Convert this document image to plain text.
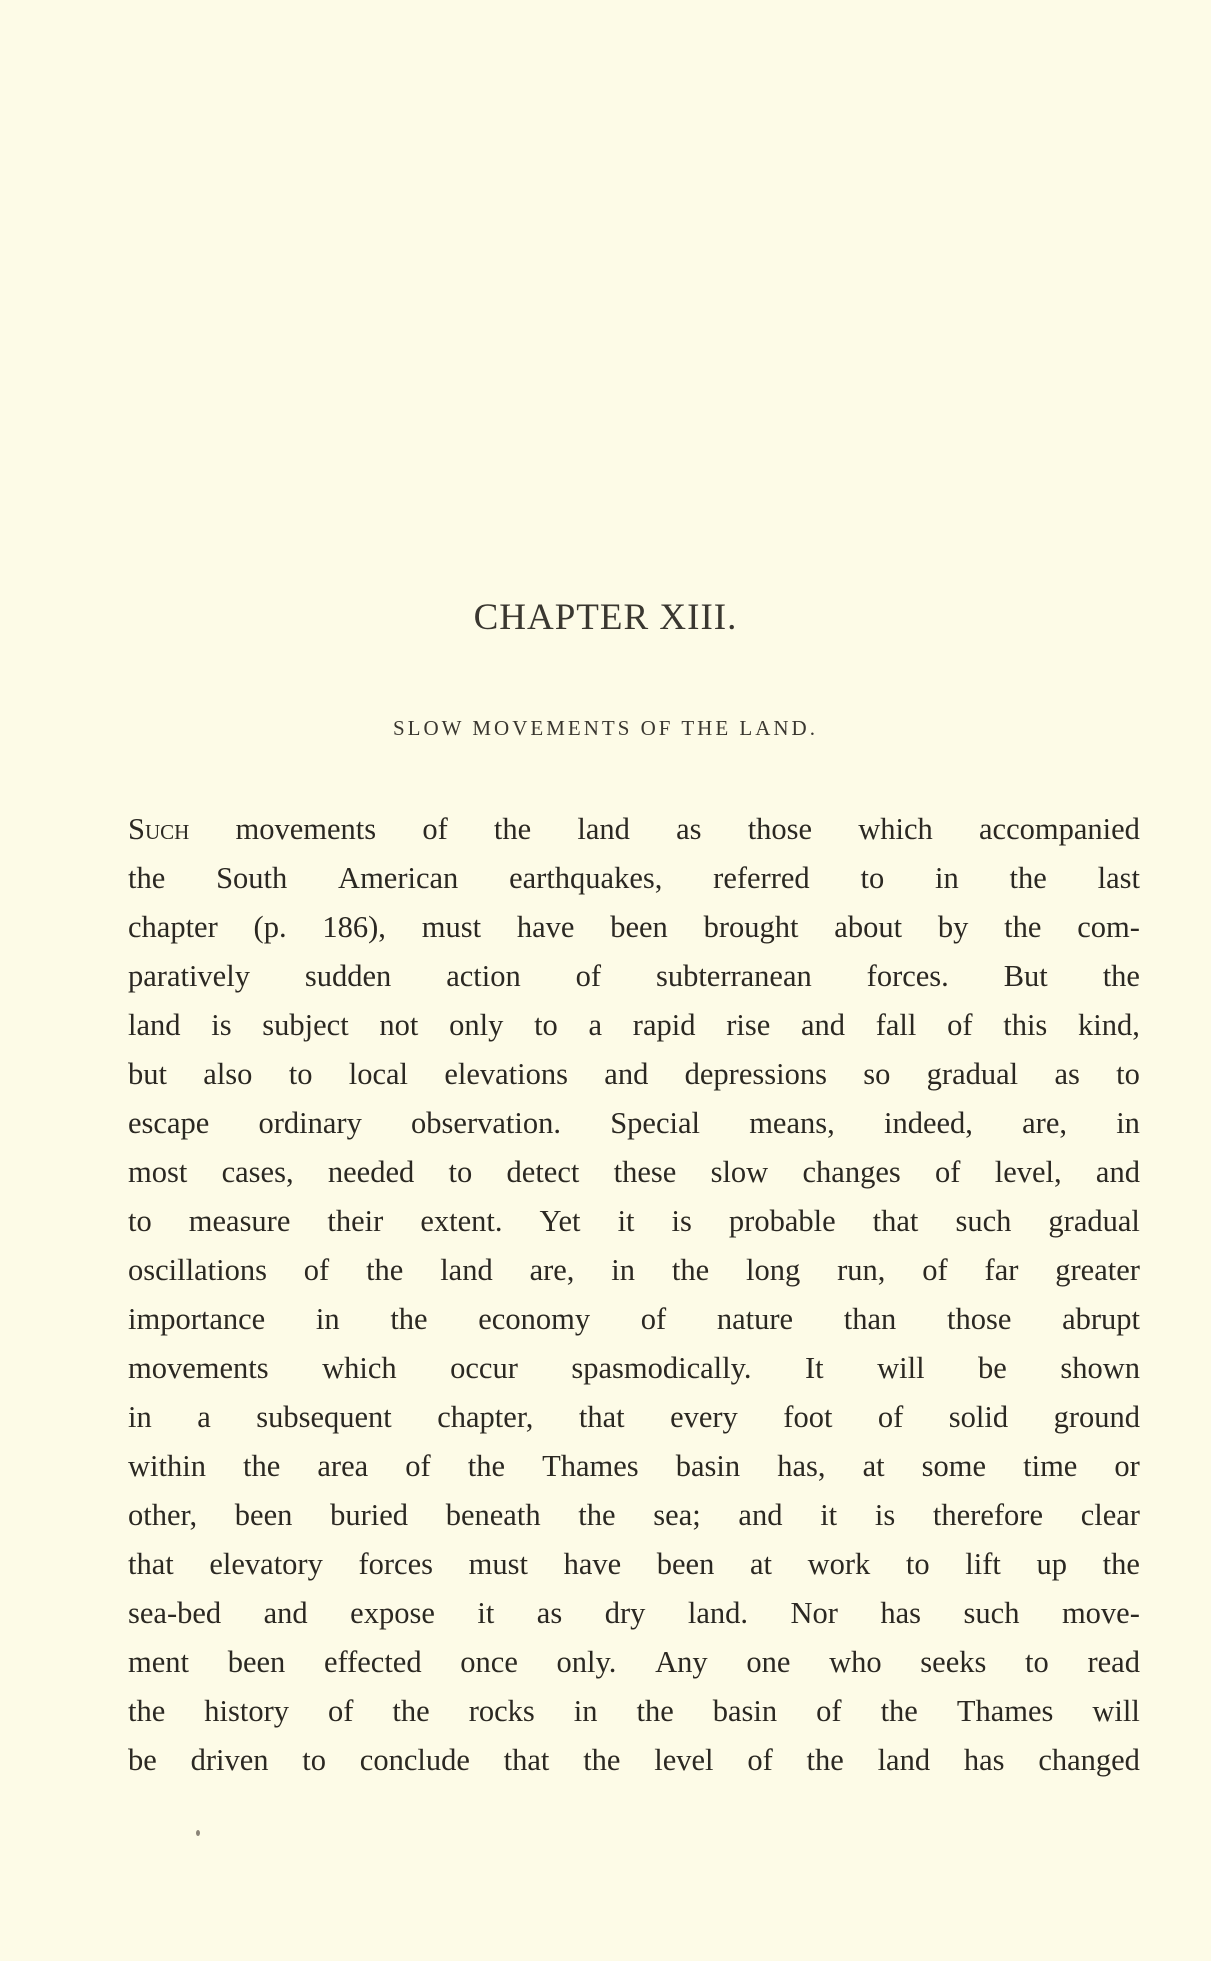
CHAPTER XIII.
SLOW MOVEMENTS OF THE LAND.
Such movements of the land as those which accompanied
the South American earthquakes, referred to in the last
chapter (p. 186), must have been brought about by the com-
paratively sudden action of subterranean forces. But the
land is subject not only to a rapid rise and fall of this kind,
but also to local elevations and depressions so gradual as to
escape ordinary observation. Special means, indeed, are, in
most cases, needed to detect these slow changes of level, and
to measure their extent. Yet it is probable that such gradual
oscillations of the land are, in the long run, of far greater
importance in the economy of nature than those abrupt
movements which occur spasmodically. It will be shown
in a subsequent chapter, that every foot of solid ground
within the area of the Thames basin has, at some time or
other, been buried beneath the sea; and it is therefore clear
that elevatory forces must have been at work to lift up the
sea-bed and expose it as dry land. Nor has such move-
ment been effected once only. Any one who seeks to read
the history of the rocks in the basin of the Thames will
be driven to conclude that the level of the land has changed
